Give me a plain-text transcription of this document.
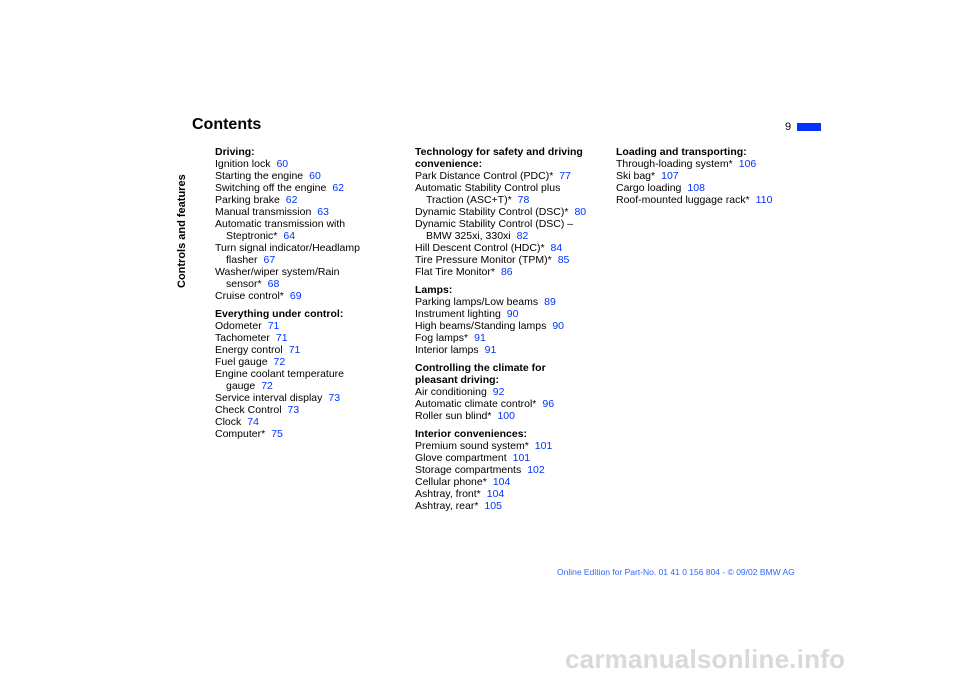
Contents	9
Controls and features
Driving:
Ignition lock 60
Starting the engine 60
Switching off the engine 62
Parking brake 62
Manual transmission 63
Automatic transmission with Steptronic* 64
Turn signal indicator/Headlamp flasher 67
Washer/wiper system/Rain sensor* 68
Cruise control* 69
Everything under control:
Odometer 71
Tachometer 71
Energy control 71
Fuel gauge 72
Engine coolant temperature gauge 72
Service interval display 73
Check Control 73
Clock 74
Computer* 75
Technology for safety and driving convenience:
Park Distance Control (PDC)* 77
Automatic Stability Control plus Traction (ASC+T)* 78
Dynamic Stability Control (DSC)* 80
Dynamic Stability Control (DSC) – BMW 325xi, 330xi 82
Hill Descent Control (HDC)* 84
Tire Pressure Monitor (TPM)* 85
Flat Tire Monitor* 86
Lamps:
Parking lamps/Low beams 89
Instrument lighting 90
High beams/Standing lamps 90
Fog lamps* 91
Interior lamps 91
Controlling the climate for pleasant driving:
Air conditioning 92
Automatic climate control* 96
Roller sun blind* 100
Interior conveniences:
Premium sound system* 101
Glove compartment 101
Storage compartments 102
Cellular phone* 104
Ashtray, front* 104
Ashtray, rear* 105
Loading and transporting:
Through-loading system* 106
Ski bag* 107
Cargo loading 108
Roof-mounted luggage rack* 110
Online Edition for Part-No. 01 41 0 156 804 - © 09/02 BMW AG
carmanualsonline.info
